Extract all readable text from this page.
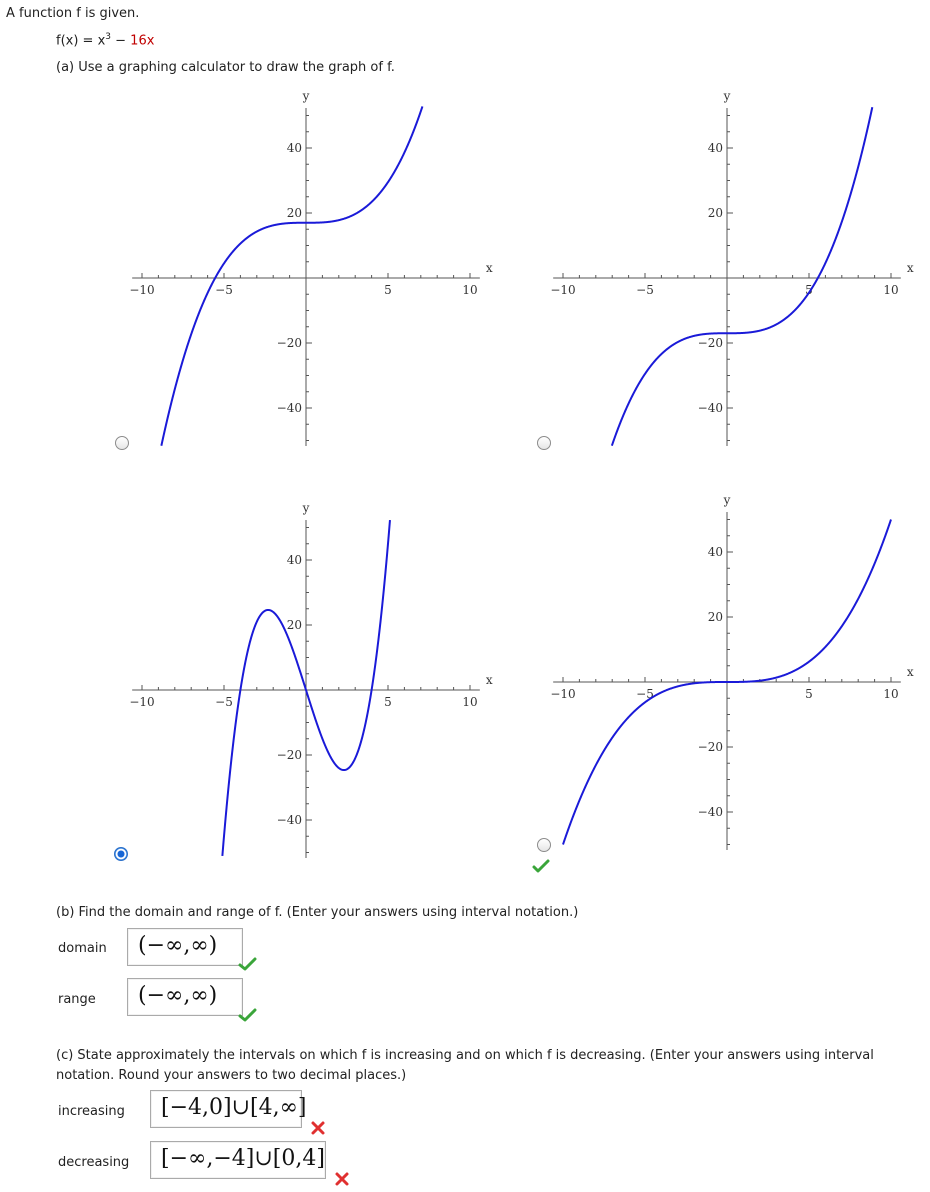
A function f is given.
$f(x) = x^3 - 16x$
(a) Use a graphing calculator to draw the graph of f.
−10	−5	5	10
40
20
−20
−40
x
y
−10	−5	5	10
40
20
−20
−40
x
y
−10	−5	5	10
40
20
−20
−40
x
y
−10	−5	5	10
40
20
−20
−40
x
y
(b) Find the domain and range of f. (Enter your answers using interval notation.)
domain	(−∞,∞)
range	(−∞,∞)
(c) State approximately the intervals on which f is increasing and on which f is decreasing. (Enter your answers using interval
notation. Round your answers to two decimal places.)
increasing	[−4,0]∪[4,∞]
decreasing	[−∞,−4]∪[0,4]
